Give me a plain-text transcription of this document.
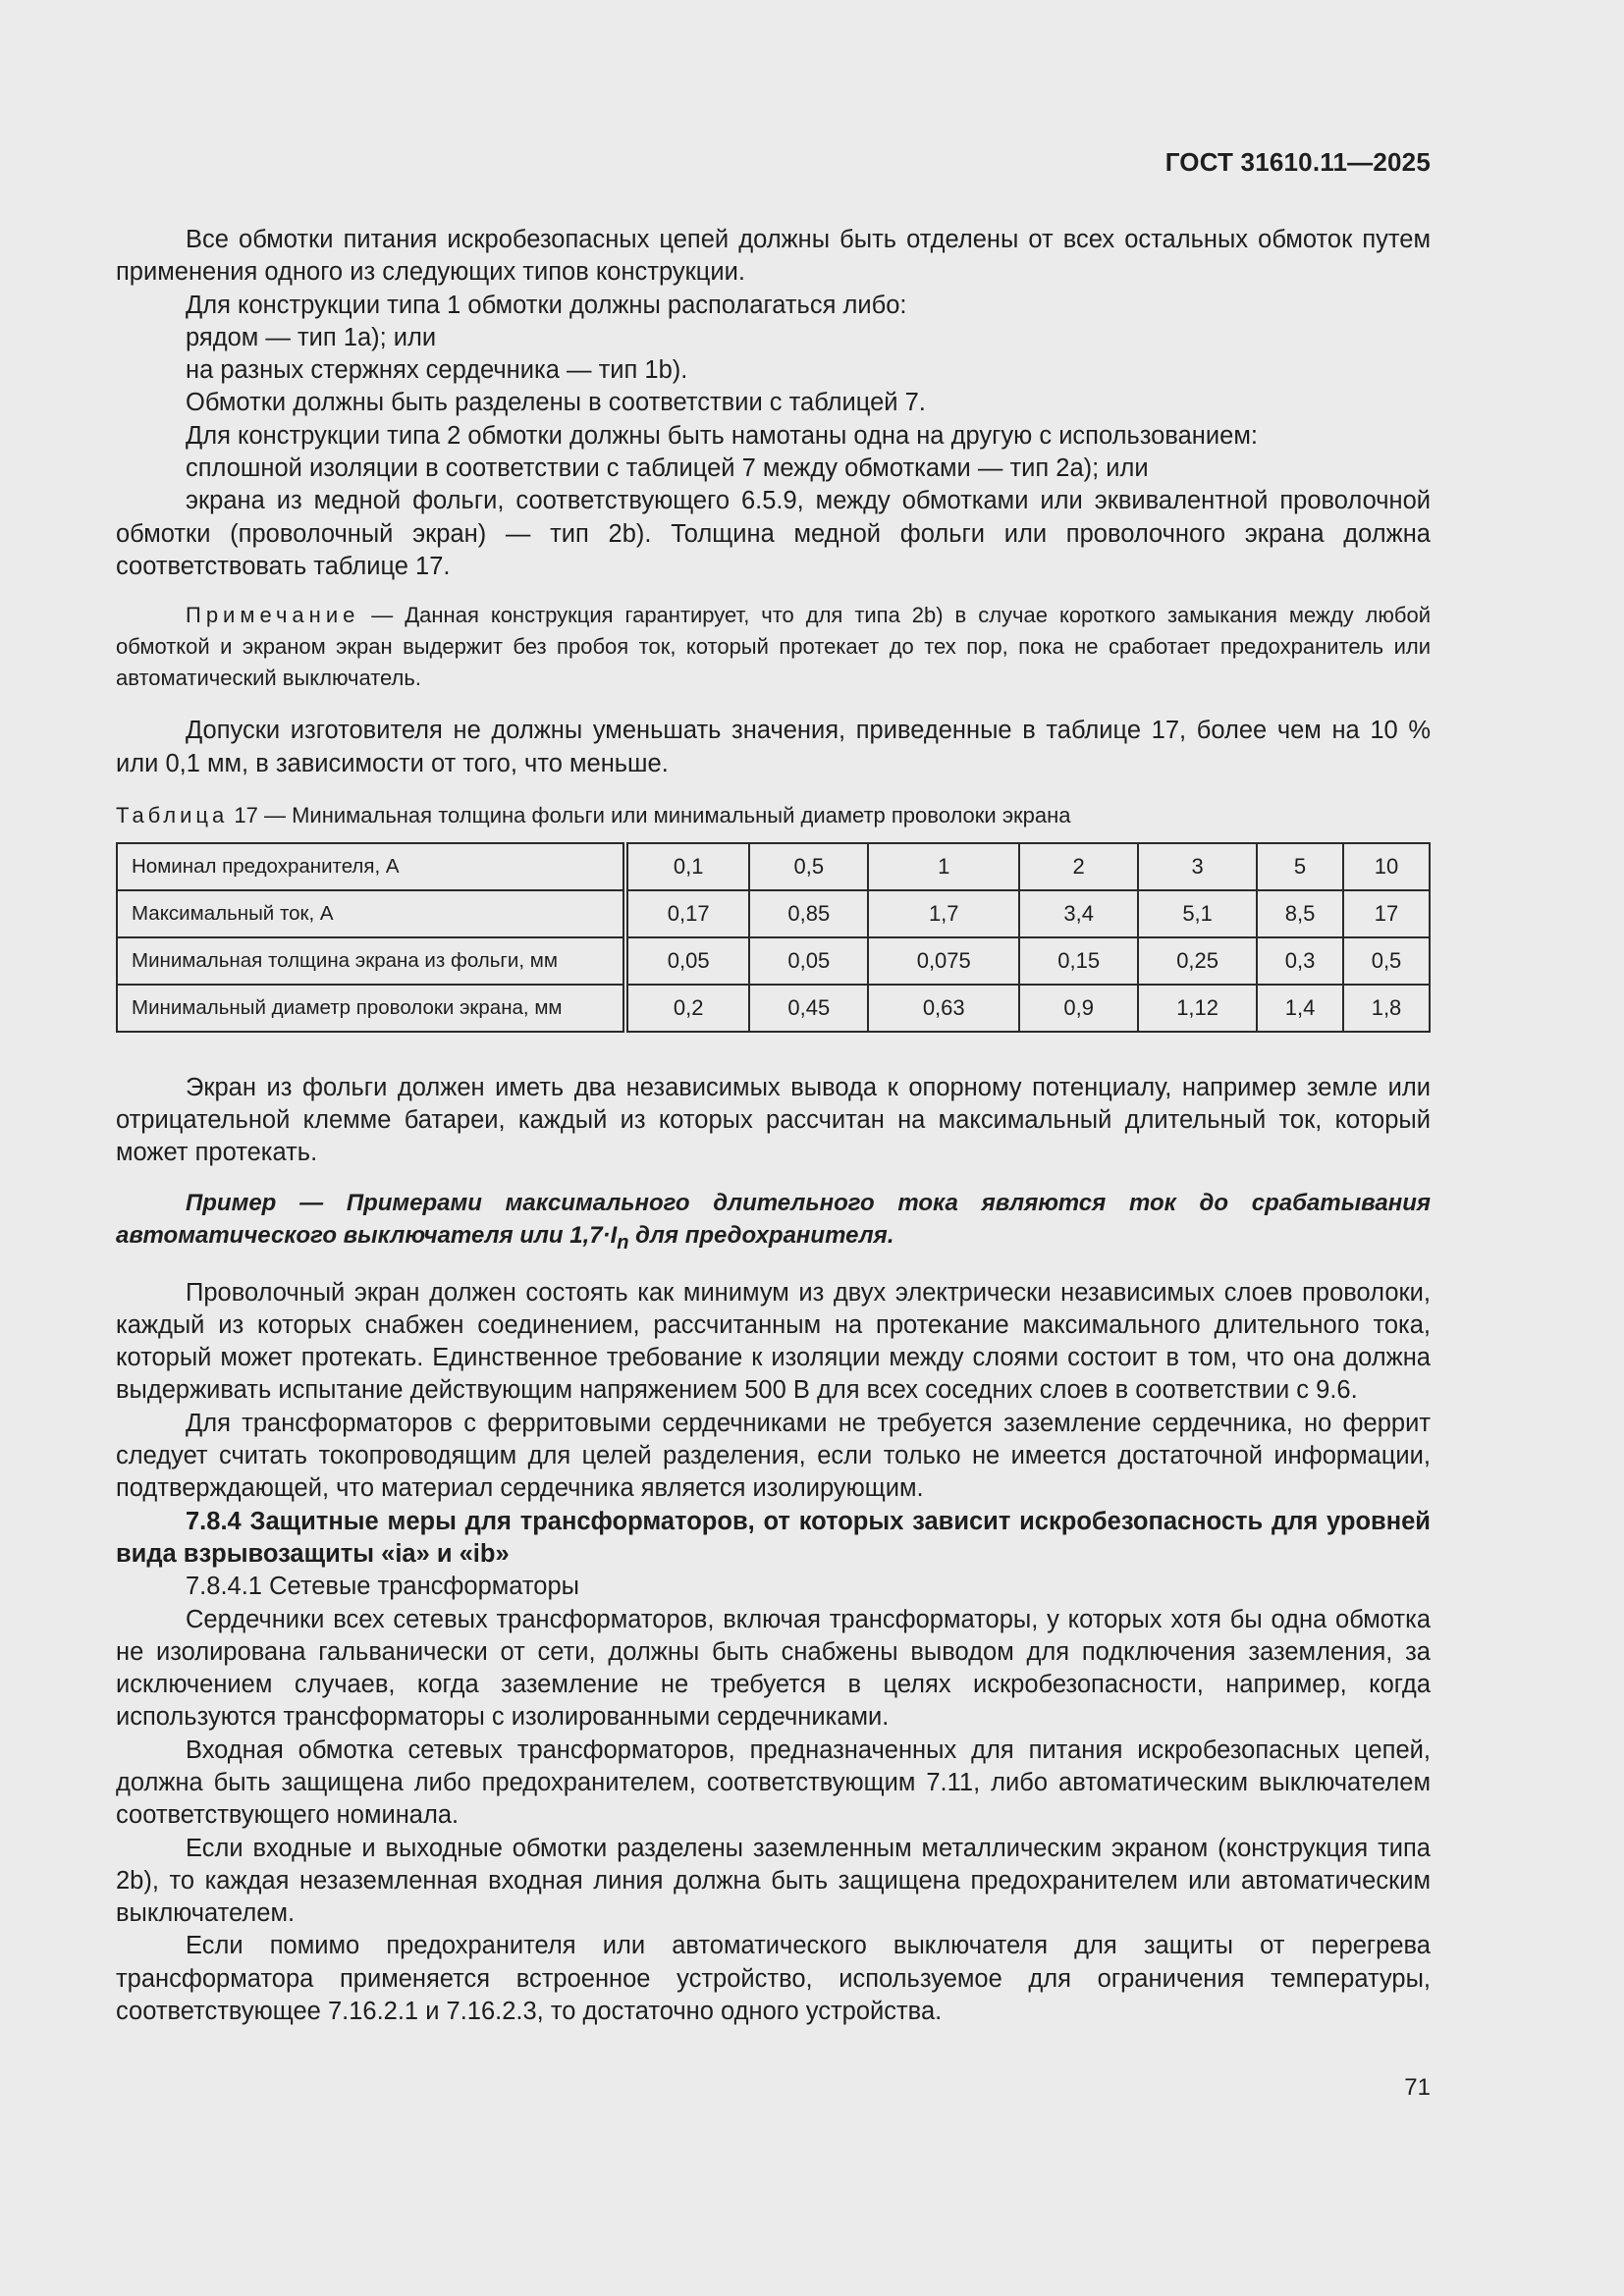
ГОСТ 31610.11—2025

Все обмотки питания искробезопасных цепей должны быть отделены от всех остальных обмоток путем применения одного из следующих типов конструкции.

Для конструкции типа 1 обмотки должны располагаться либо:

рядом — тип 1a); или

на разных стержнях сердечника — тип 1b).

Обмотки должны быть разделены в соответствии с таблицей 7.

Для конструкции типа 2 обмотки должны быть намотаны одна на другую с использованием:

сплошной изоляции в соответствии с таблицей 7 между обмотками — тип 2a); или

экрана из медной фольги, соответствующего 6.5.9, между обмотками или эквивалентной проволочной обмотки (проволочный экран) — тип 2b). Толщина медной фольги или проволочного экрана должна соответствовать таблице 17.

Примечание — Данная конструкция гарантирует, что для типа 2b) в случае короткого замыкания между любой обмоткой и экраном экран выдержит без пробоя ток, который протекает до тех пор, пока не сработает предохранитель или автоматический выключатель.

Допуски изготовителя не должны уменьшать значения, приведенные в таблице 17, более чем на 10 % или 0,1 мм, в зависимости от того, что меньше.

Таблица 17 — Минимальная толщина фольги или минимальный диаметр проволоки экрана
Номинал предохранителя, А	0,1	0,5	1	2	3	5	10
Максимальный ток, А	0,17	0,85	1,7	3,4	5,1	8,5	17
Минимальная толщина экрана из фольги, мм	0,05	0,05	0,075	0,15	0,25	0,3	0,5
Минимальный диаметр проволоки экрана, мм	0,2	0,45	0,63	0,9	1,12	1,4	1,8

Экран из фольги должен иметь два независимых вывода к опорному потенциалу, например земле или отрицательной клемме батареи, каждый из которых рассчитан на максимальный длительный ток, который может протекать.

Пример — Примерами максимального длительного тока являются ток до срабатывания автоматического выключателя или $1,7\cdot I_n$ для предохранителя.

Проволочный экран должен состоять как минимум из двух электрически независимых слоев проволоки, каждый из которых снабжен соединением, рассчитанным на протекание максимального длительного тока, который может протекать. Единственное требование к изоляции между слоями состоит в том, что она должна выдерживать испытание действующим напряжением 500 В для всех соседних слоев в соответствии с 9.6.

Для трансформаторов с ферритовыми сердечниками не требуется заземление сердечника, но феррит следует считать токопроводящим для целей разделения, если только не имеется достаточной информации, подтверждающей, что материал сердечника является изолирующим.

7.8.4 Защитные меры для трансформаторов, от которых зависит искробезопасность для уровней вида взрывозащиты «ia» и «ib»

7.8.4.1 Сетевые трансформаторы

Сердечники всех сетевых трансформаторов, включая трансформаторы, у которых хотя бы одна обмотка не изолирована гальванически от сети, должны быть снабжены выводом для подключения заземления, за исключением случаев, когда заземление не требуется в целях искробезопасности, например, когда используются трансформаторы с изолированными сердечниками.

Входная обмотка сетевых трансформаторов, предназначенных для питания искробезопасных цепей, должна быть защищена либо предохранителем, соответствующим 7.11, либо автоматическим выключателем соответствующего номинала.

Если входные и выходные обмотки разделены заземленным металлическим экраном (конструкция типа 2b), то каждая незаземленная входная линия должна быть защищена предохранителем или автоматическим выключателем.

Если помимо предохранителя или автоматического выключателя для защиты от перегрева трансформатора применяется встроенное устройство, используемое для ограничения температуры, соответствующее 7.16.2.1 и 7.16.2.3, то достаточно одного устройства.

71
